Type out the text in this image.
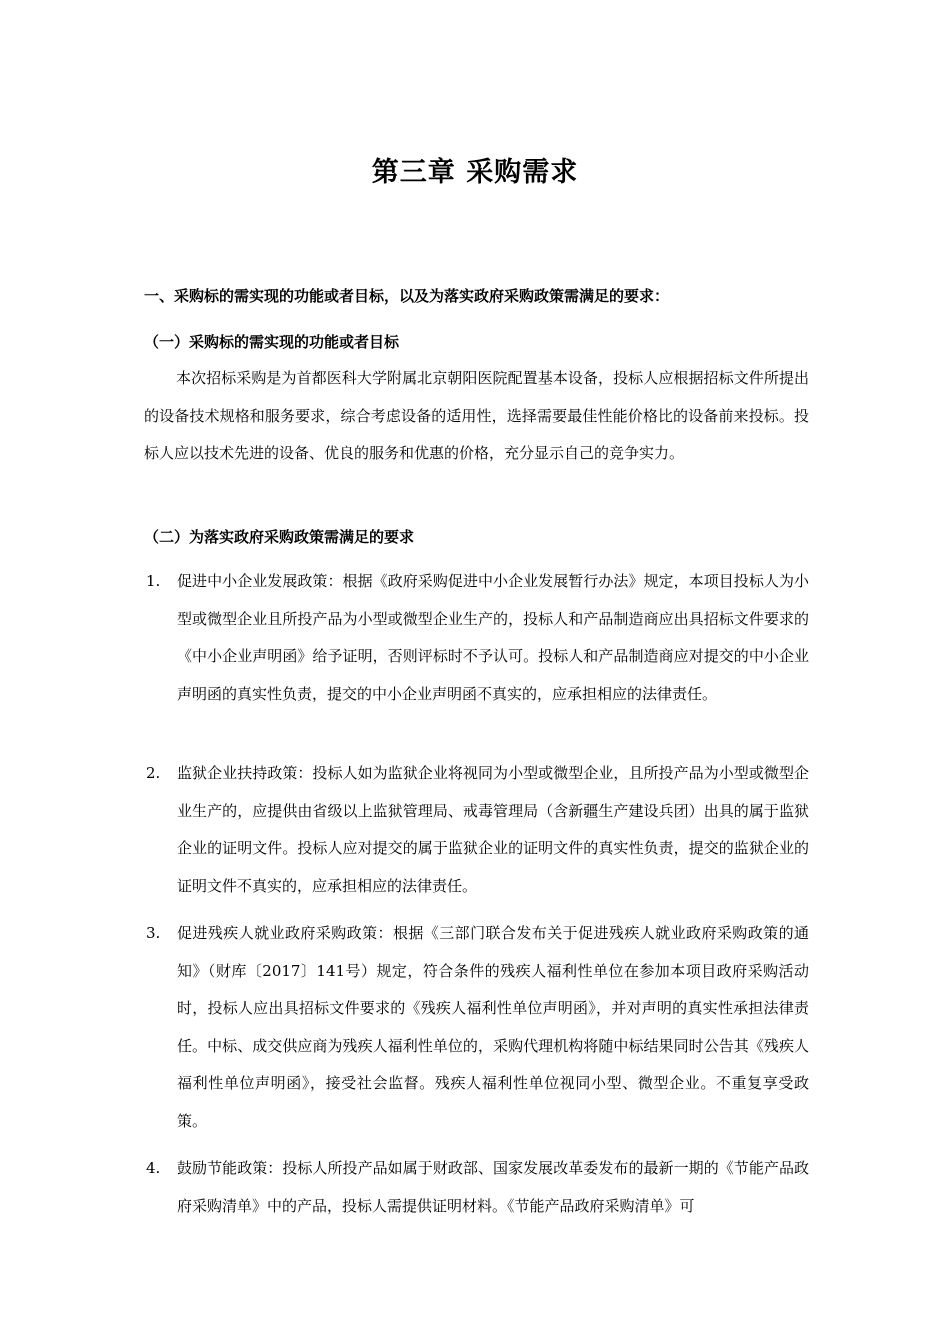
第三章 采购需求
一、采购标的需实现的功能或者目标，以及为落实政府采购政策需满足的要求：
（一）采购标的需实现的功能或者目标
本次招标采购是为首都医科大学附属北京朝阳医院配置基本设备，投标人应根据招标文件所提出的设备技术规格和服务要求，综合考虑设备的适用性，选择需要最佳性能价格比的设备前来投标。投标人应以技术先进的设备、优良的服务和优惠的价格，充分显示自己的竞争实力。
（二）为落实政府采购政策需满足的要求
1. 促进中小企业发展政策：根据《政府采购促进中小企业发展暂行办法》规定，本项目投标人为小型或微型企业且所投产品为小型或微型企业生产的，投标人和产品制造商应出具招标文件要求的《中小企业声明函》给予证明，否则评标时不予认可。投标人和产品制造商应对提交的中小企业声明函的真实性负责，提交的中小企业声明函不真实的，应承担相应的法律责任。
2. 监狱企业扶持政策：投标人如为监狱企业将视同为小型或微型企业，且所投产品为小型或微型企业生产的，应提供由省级以上监狱管理局、戒毒管理局（含新疆生产建设兵团）出具的属于监狱企业的证明文件。投标人应对提交的属于监狱企业的证明文件的真实性负责，提交的监狱企业的证明文件不真实的，应承担相应的法律责任。
3. 促进残疾人就业政府采购政策：根据《三部门联合发布关于促进残疾人就业政府采购政策的通知》（财库〔2017〕141号）规定，符合条件的残疾人福利性单位在参加本项目政府采购活动时，投标人应出具招标文件要求的《残疾人福利性单位声明函》，并对声明的真实性承担法律责任。中标、成交供应商为残疾人福利性单位的，采购代理机构将随中标结果同时公告其《残疾人福利性单位声明函》，接受社会监督。残疾人福利性单位视同小型、微型企业。不重复享受政策。
4. 鼓励节能政策：投标人所投产品如属于财政部、国家发展改革委发布的最新一期的《节能产品政府采购清单》中的产品，投标人需提供证明材料。《节能产品政府采购清单》可
